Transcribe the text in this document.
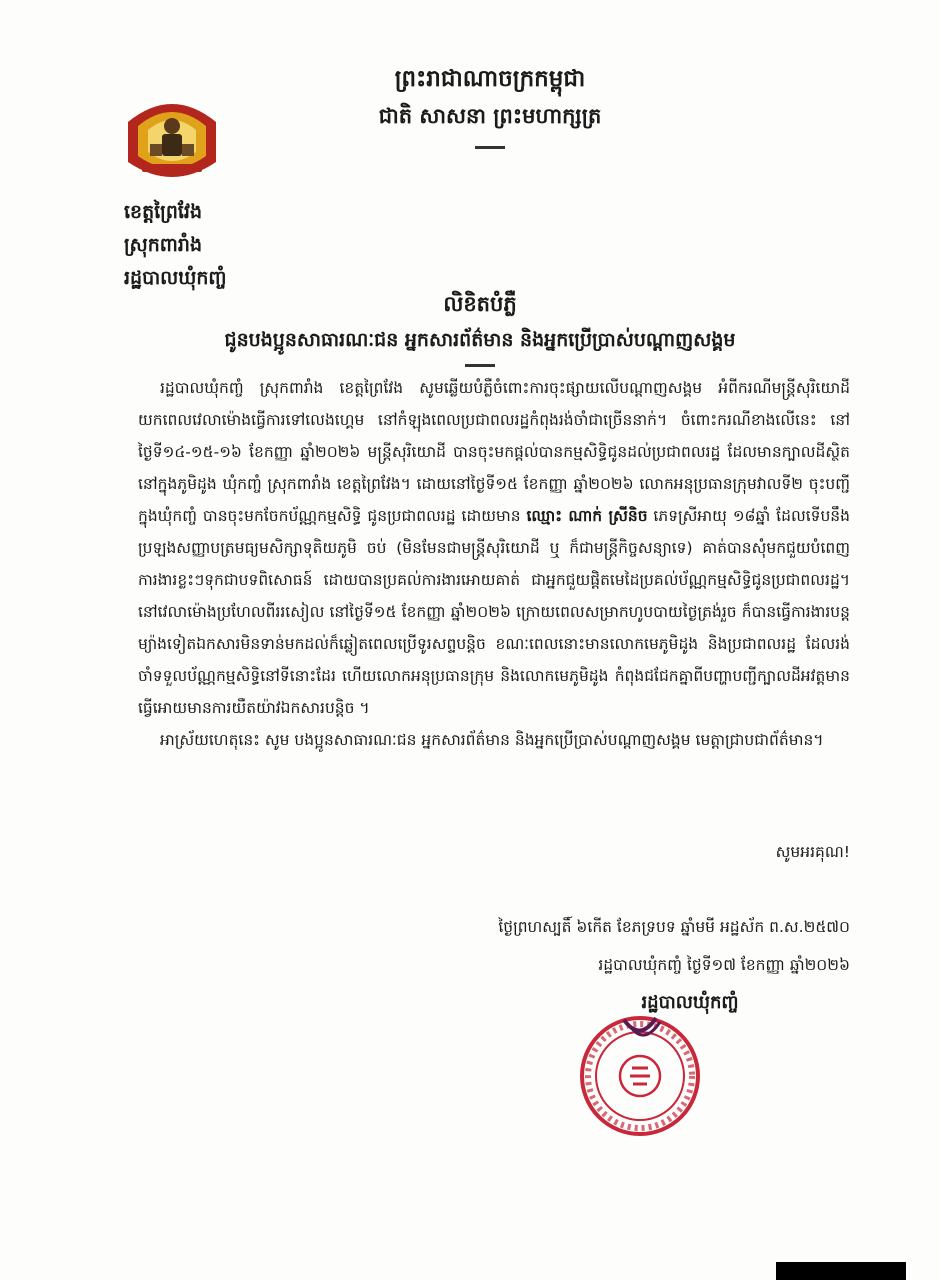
ព្រះរាជាណាចក្រកម្ពុជា
ជាតិ សាសនា ព្រះមហាក្សត្រ
ខេត្តព្រៃវែង
ស្រុកពារាំង
រដ្ឋបាលឃុំកញ្ចំ
លិខិតបំភ្លឺ
ជូនបងប្អូនសាធារណៈជន អ្នកសារព័ត៌មាន និងអ្នកប្រើប្រាស់បណ្ដាញសង្គម

រដ្ឋបាលឃុំកញ្ចំ ស្រុកពារាំង ខេត្តព្រៃវែង សូមឆ្លើយបំភ្លឺចំពោះការចុះផ្សាយលើបណ្ដាញសង្គម អំពីករណីមន្ត្រីសុរិយោដី យកពេលវេលាម៉ោងធ្វើការទៅលេងហ្គេម នៅកំឡុងពេលប្រជាពលរដ្ឋកំពុងរង់ចាំជាច្រើននាក់។ ចំពោះករណីខាងលើនេះ នៅថ្ងៃទី១៤-១៥-១៦ ខែកញ្ញា ឆ្នាំ២០២៦ មន្ត្រីសុរិយោដី បានចុះមកផ្ដល់បានកម្មសិទ្ធិជូនដល់ប្រជាពលរដ្ឋ ដែលមានក្បាលដីស្ថិតនៅក្នុងភូមិដូង ឃុំកញ្ចំ ស្រុកពារាំង ខេត្តព្រៃវែង។ ដោយនៅថ្ងៃទី១៥ ខែកញ្ញា ឆ្នាំ២០២៦ លោកអនុប្រធានក្រុមវាលទី២ ចុះបញ្ជីក្នុងឃុំកញ្ចំ បានចុះមកចែកប័ណ្ណកម្មសិទ្ធិ ជូនប្រជាពលរដ្ឋ ដោយមាន ឈ្មោះ ណាក់ ស្រីនិច ភេទស្រីអាយុ ១៨ឆ្នាំ ដែលទើបនឹងប្រឡងសញ្ញាបត្រមធ្យមសិក្សាទុតិយភូមិ ចប់ (មិនមែនជាមន្ត្រីសុរិយោដី ឬ ក៏ជាមន្ត្រីកិច្ចសន្យាទេ) គាត់បានសុំមកជួយបំពេញការងារខ្លះៗទុកជាបទពិសោធន៍ ដោយបានប្រគល់ការងារអោយគាត់ ជាអ្នកជួយផ្ដិតមេដៃប្រគល់ប័ណ្ណកម្មសិទ្ធិជូនប្រជាពលរដ្ឋ។ នៅវេលាម៉ោងប្រហែលពីររសៀល នៅថ្ងៃទី១៥ ខែកញ្ញា ឆ្នាំ២០២៦ ក្រោយពេលសម្រាកហូបបាយថ្ងៃត្រង់រួច ក៏បានធ្វើការងារបន្ត ម្យ៉ាងទៀតឯកសារមិនទាន់មកដល់ក៏ឆ្លៀតពេលប្រើទូរសព្ទបន្តិច ខណៈពេលនោះមានលោកមេភូមិដូង និងប្រជាពលរដ្ឋ ដែលរង់ចាំទទួលប័ណ្ណកម្មសិទ្ធិនៅទីនោះដែរ ហើយលោកអនុប្រធានក្រុម និងលោកមេភូមិដូង កំពុងជជែកគ្នាពីបញ្ហាបញ្ជីក្បាលដីអវត្តមានធ្វើអោយមានការយឺតយ៉ាវឯកសារបន្តិច ។

អាស្រ័យហេតុនេះ សូម បងប្អូនសាធារណៈជន អ្នកសារព័ត៌មាន និងអ្នកប្រើប្រាស់បណ្ដាញសង្គម មេត្តាជ្រាបជាព័ត៌មាន។

សូមអរគុណ!
ថ្ងៃព្រហស្បតិ៍ ៦កើត ខែភទ្របទ ឆ្នាំមមី អដ្ឋស័ក ព.ស.២៥៧០
រដ្ឋបាលឃុំកញ្ចំ ថ្ងៃទី១៧ ខែកញ្ញា ឆ្នាំ២០២៦
រដ្ឋបាលឃុំកញ្ចំ
